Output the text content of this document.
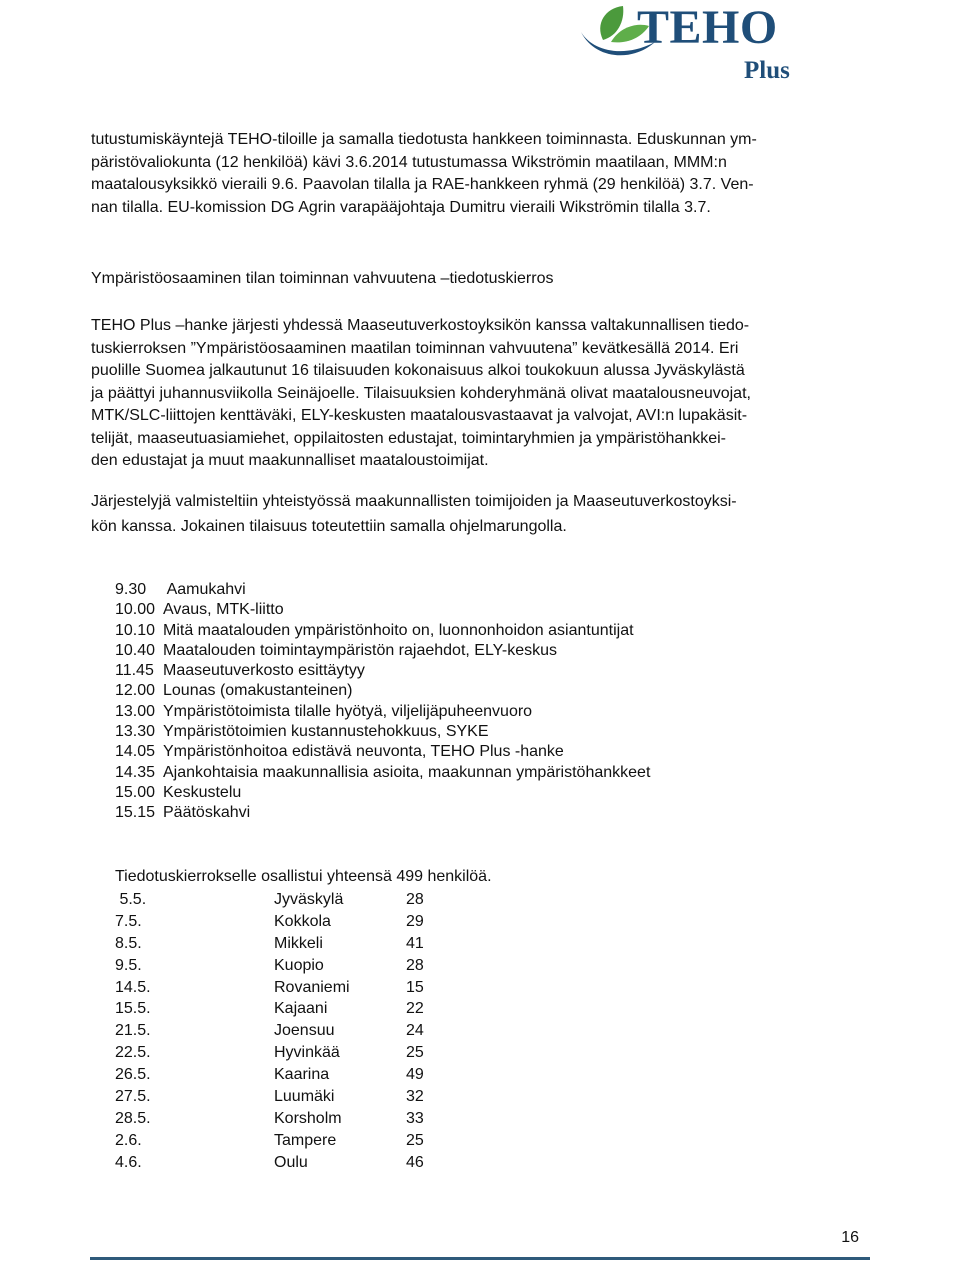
TEHO
Plus

tutustumiskäyntejä TEHO-tiloille ja samalla tiedotusta hankkeen toiminnasta. Eduskunnan ym-
päristövaliokunta (12 henkilöä) kävi 3.6.2014 tutustumassa Wikströmin maatilaan, MMM:n
maatalousyksikkö vieraili 9.6. Paavolan tilalla ja RAE-hankkeen ryhmä (29 henkilöä) 3.7. Ven-
nan tilalla. EU-komission DG Agrin varapääjohtaja Dumitru vieraili Wikströmin tilalla 3.7.

Ympäristöosaaminen tilan toiminnan vahvuutena –tiedotuskierros

TEHO Plus –hanke järjesti yhdessä Maaseutuverkostoyksikön kanssa valtakunnallisen tiedo-
tuskierroksen ”Ympäristöosaaminen maatilan toiminnan vahvuutena” kevätkesällä 2014. Eri
puolille Suomea jalkautunut 16 tilaisuuden kokonaisuus alkoi toukokuun alussa Jyväskylästä
ja päättyi juhannusviikolla Seinäjoelle. Tilaisuuksien kohderyhmänä olivat maatalousneuvojat,
MTK/SLC-liittojen kenttäväki, ELY-keskusten maatalousvastaavat ja valvojat, AVI:n lupakäsit-
telijät, maaseutuasiamiehet, oppilaitosten edustajat, toimintaryhmien ja ympäristöhankkei-
den edustajat ja muut maakunnalliset maataloustoimijat.

Järjestelyjä valmisteltiin yhteistyössä maakunnallisten toimijoiden ja Maaseutuverkostoyksi-
kön kanssa. Jokainen tilaisuus toteutettiin samalla ohjelmarungolla.

9.30 Aamukahvi
10.00 Avaus, MTK-liitto
10.10 Mitä maatalouden ympäristönhoito on, luonnonhoidon asiantuntijat
10.40 Maatalouden toimintaympäristön rajaehdot, ELY-keskus
11.45 Maaseutuverkosto esittäytyy
12.00 Lounas (omakustanteinen)
13.00 Ympäristötoimista tilalle hyötyä, viljelijäpuheenvuoro
13.30 Ympäristötoimien kustannustehokkuus, SYKE
14.05 Ympäristönhoitoa edistävä neuvonta, TEHO Plus -hanke
14.35 Ajankohtaisia maakunnallisia asioita, maakunnan ympäristöhankkeet
15.00 Keskustelu
15.15 Päätöskahvi
Tiedotuskierrokselle osallistui yhteensä 499 henkilöä.
5.5.	Jyväskylä	28
7.5.	Kokkola	29
8.5.	Mikkeli	41
9.5.	Kuopio	28
14.5.	Rovaniemi	15
15.5.	Kajaani	22
21.5.	Joensuu	24
22.5.	Hyvinkää	25
26.5.	Kaarina	49
27.5.	Luumäki	32
28.5.	Korsholm	33
2.6.	Tampere	25
4.6.	Oulu	46
16
